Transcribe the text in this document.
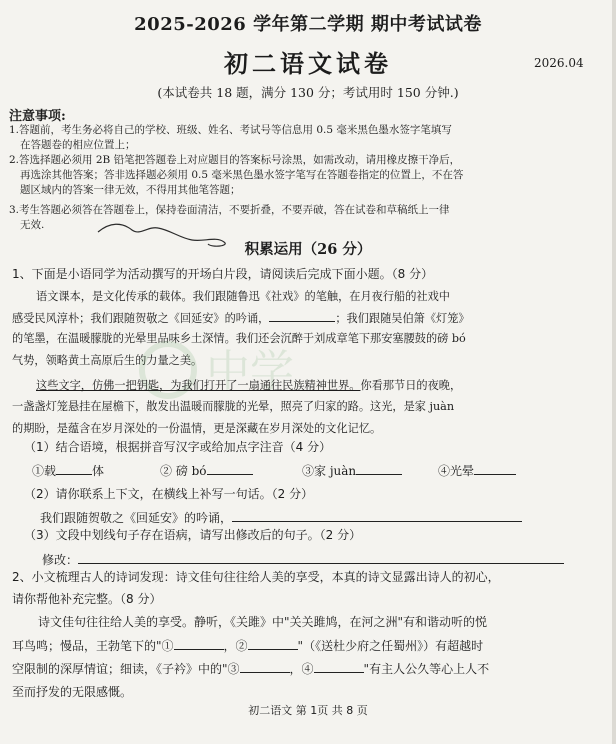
2025-2026 学年第二学期 期中考试试卷
初二语文试卷	2026.04
(本试卷共 18 题，满分 130 分；考试用时 150 分钟.)
注意事项:
1.答题前，考生务必将自己的学校、班级、姓名、考试号等信息用 0.5 毫米黑色墨水签字笔填写
在答题卷的相应位置上；
2.答选择题必须用 2B 铅笔把答题卷上对应题目的答案标号涂黑，如需改动，请用橡皮擦干净后，
再选涂其他答案；答非选择题必须用 0.5 毫米黑色墨水签字笔写在答题卷指定的位置上，不在答
题区域内的答案一律无效，不得用其他笔答题；
3.考生答题必须答在答题卷上，保持卷面清洁，不要折叠，不要弄破，答在试卷和草稿纸上一律
无效.
积累运用（26 分）
1、下面是小语同学为活动撰写的开场白片段，请阅读后完成下面小题。（8 分）
语文课本，是文化传承的载体。我们跟随鲁迅《社戏》的笔触，在月夜行船的社戏中
感受民风淳朴；我们跟随贺敬之《回延安》的吟诵，	；我们跟随吴伯箫《灯笼》
的笔墨，在温暖朦胧的光晕里品味乡土深情。我们还会沉醉于刘成章笔下那安塞腰鼓的磅 bó
气势，领略黄土高原后生的力量之美。 中学
这些文字，仿佛一把钥匙，为我们打开了一扇通往民族精神世界。你看那节日的夜晚，
一盏盏灯笼悬挂在屋檐下，散发出温暖而朦胧的光晕，照亮了归家的路。这光，是家 juàn
的期盼，是蕴含在岁月深处的一份温情，更是深藏在岁月深处的文化记忆。
（1）结合语境，根据拼音写汉字或给加点字注音（4 分）
①载	体	② 磅 bó	③家 juàn	④光晕
（2）请你联系上下文，在横线上补写一句话。（2 分）
我们跟随贺敬之《回延安》的吟诵，
（3）文段中划线句子存在语病，请写出修改后的句子。（2 分）
修改：
2、小文梳理古人的诗词发现：诗文佳句往往给人美的享受，本真的诗文显露出诗人的初心，
请你帮他补充完整。（8 分）
诗文佳句往往给人美的享受。静听，《关雎》中"关关雎鸠，在河之洲"有和谐动听的悦
耳鸟鸣；慢品，王勃笔下的"①	，②	"（《送杜少府之任蜀州》）有超越时
空限制的深厚情谊；细读，《子衿》中的"③	，④	"有主人公久等心上人不
至而抒发的无限感慨。
初二语文 第 1页 共 8 页
